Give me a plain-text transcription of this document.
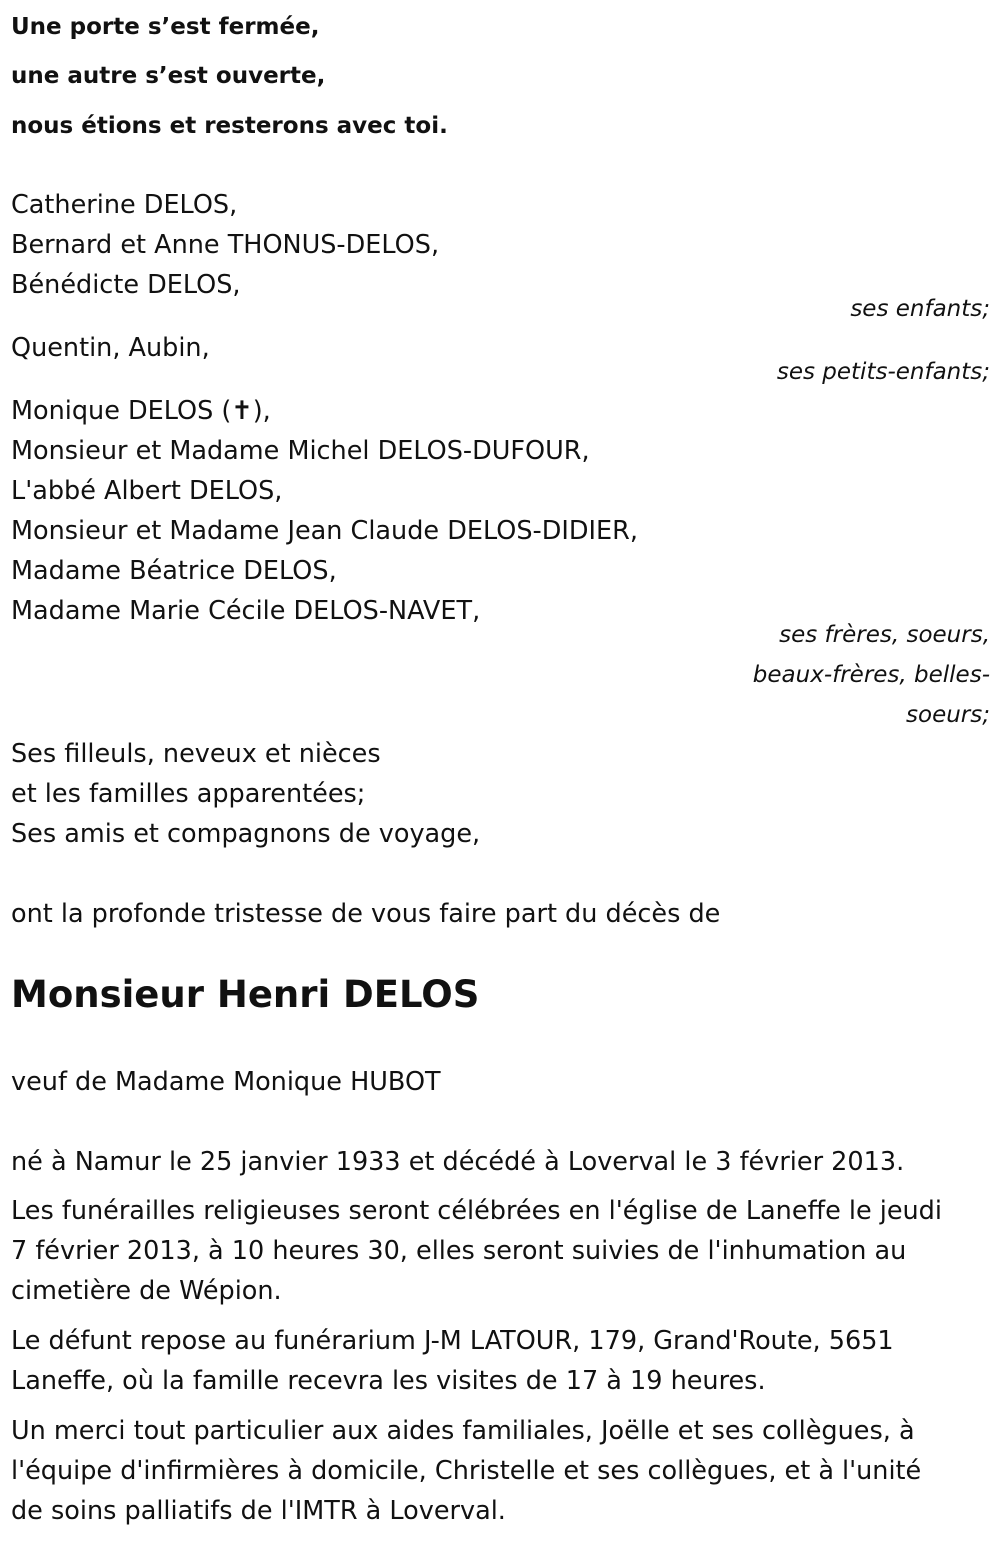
Une porte s’est fermée,
une autre s’est ouverte,
nous étions et resterons avec toi.
Catherine DELOS,
Bernard et Anne THONUS-DELOS,
Bénédicte DELOS,
ses enfants;
Quentin, Aubin,
ses petits-enfants;
Monique DELOS (✝),
Monsieur et Madame Michel DELOS-DUFOUR,
L'abbé Albert DELOS,
Monsieur et Madame Jean Claude DELOS-DIDIER,
Madame Béatrice DELOS,
Madame Marie Cécile DELOS-NAVET,
ses frères, soeurs,
beaux-frères, belles-
soeurs;
Ses filleuls, neveux et nièces
et les familles apparentées;
Ses amis et compagnons de voyage,
ont la profonde tristesse de vous faire part du décès de
Monsieur Henri DELOS
veuf de Madame Monique HUBOT
né à Namur le 25 janvier 1933 et décédé à Loverval le 3 février 2013.
Les funérailles religieuses seront célébrées en l'église de Laneffe le jeudi
7 février 2013, à 10 heures 30, elles seront suivies de l'inhumation au
cimetière de Wépion.
Le défunt repose au funérarium J-M LATOUR, 179, Grand'Route, 5651
Laneffe, où la famille recevra les visites de 17 à 19 heures.
Un merci tout particulier aux aides familiales, Joëlle et ses collègues, à
l'équipe d'infirmières à domicile, Christelle et ses collègues, et à l'unité
de soins palliatifs de l'IMTR à Loverval.
